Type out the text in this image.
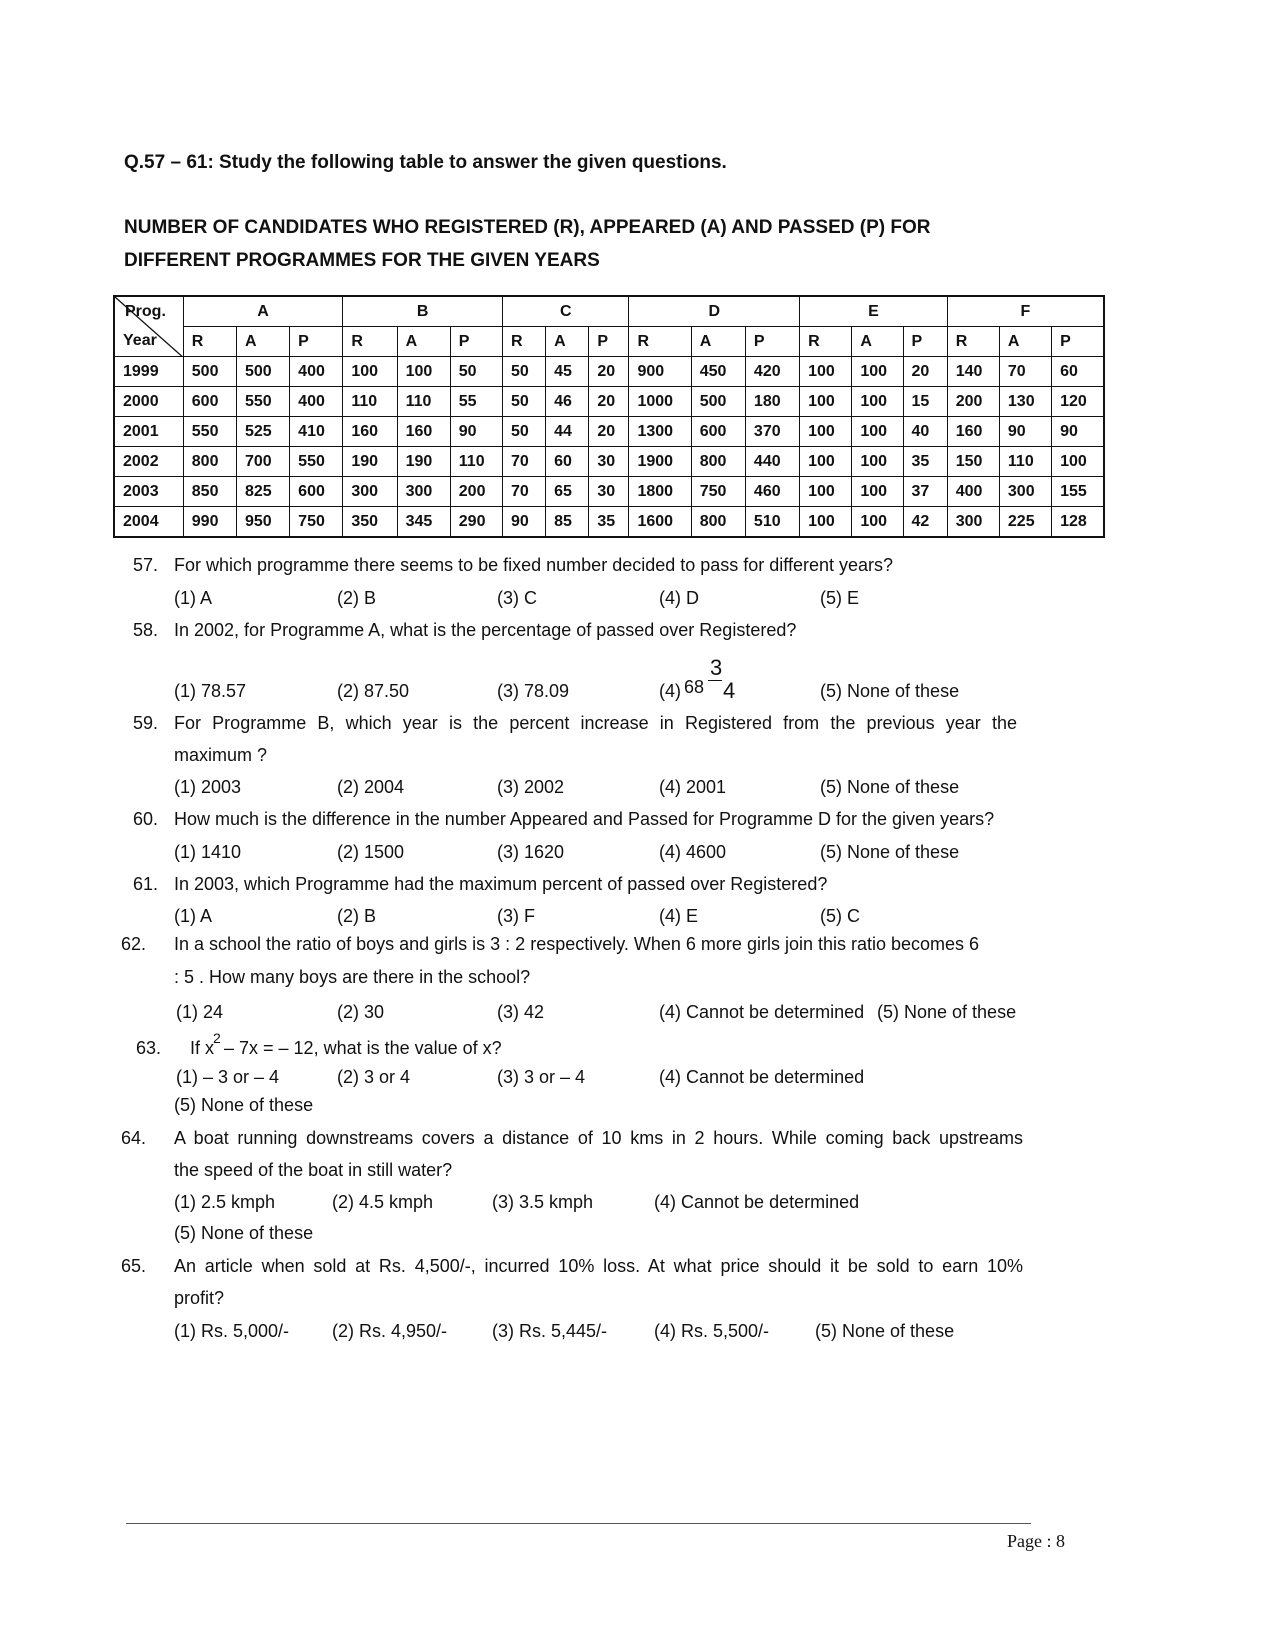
Q.57 – 61: Study the following table to answer the given questions.
NUMBER OF CANDIDATES WHO REGISTERED (R), APPEARED (A) AND PASSED (P) FOR
DIFFERENT PROGRAMMES FOR THE GIVEN YEARS
Prog.	A			B			C			D			E			F		
Year	R	A	P	R	A	P	R	A	P	R	A	P	R	A	P	R	A	P
1999	500	500	400	100	100	50	50	45	20	900	450	420	100	100	20	140	70	60
2000	600	550	400	110	110	55	50	46	20	1000	500	180	100	100	15	200	130	120
2001	550	525	410	160	160	90	50	44	20	1300	600	370	100	100	40	160	90	90
2002	800	700	550	190	190	110	70	60	30	1900	800	440	100	100	35	150	110	100
2003	850	825	600	300	300	200	70	65	30	1800	750	460	100	100	37	400	300	155
2004	990	950	750	350	345	290	90	85	35	1600	800	510	100	100	42	300	225	128
57. For which programme there seems to be fixed number decided to pass for different years?
(1) A	(2) B	(3) C	(4) D	(5) E
58. In 2002, for Programme A, what is the percentage of passed over Registered?
(1) 78.57	(2) 87.50	(3) 78.09	(4) 68
3
4	(5) None of these
59. For Programme B, which year is the percent increase in Registered from the previous year the
maximum ?
(1) 2003	(2) 2004	(3) 2002	(4) 2001	(5) None of these
60. How much is the difference in the number Appeared and Passed for Programme D for the given years?
(1) 1410	(2) 1500	(3) 1620	(4) 4600	(5) None of these
61. In 2003, which Programme had the maximum percent of passed over Registered?
(1) A	(2) B	(3) F	(4) E	(5) C
62. In a school the ratio of boys and girls is 3 : 2 respectively. When 6 more girls join this ratio becomes 6
: 5 . How many boys are there in the school?
(1) 24	(2) 30	(3) 42	(4) Cannot be determined (5) None of these
63. If x
2 – 7x = – 12, what is the value of x?
(1) – 3 or – 4	(2) 3 or 4	(3) 3 or – 4	(4) Cannot be determined
(5) None of these
64. A boat running downstreams covers a distance of 10 kms in 2 hours. While coming back upstreams
the speed of the boat in still water?
(1) 2.5 kmph	(2) 4.5 kmph	(3) 3.5 kmph	(4) Cannot be determined
(5) None of these
65. An article when sold at Rs. 4,500/-, incurred 10% loss. At what price should it be sold to earn 10%
profit?
(1) Rs. 5,000/- (2) Rs. 4,950/- (3) Rs. 5,445/-	(4) Rs. 5,500/-	(5) None of these
Page : 8
